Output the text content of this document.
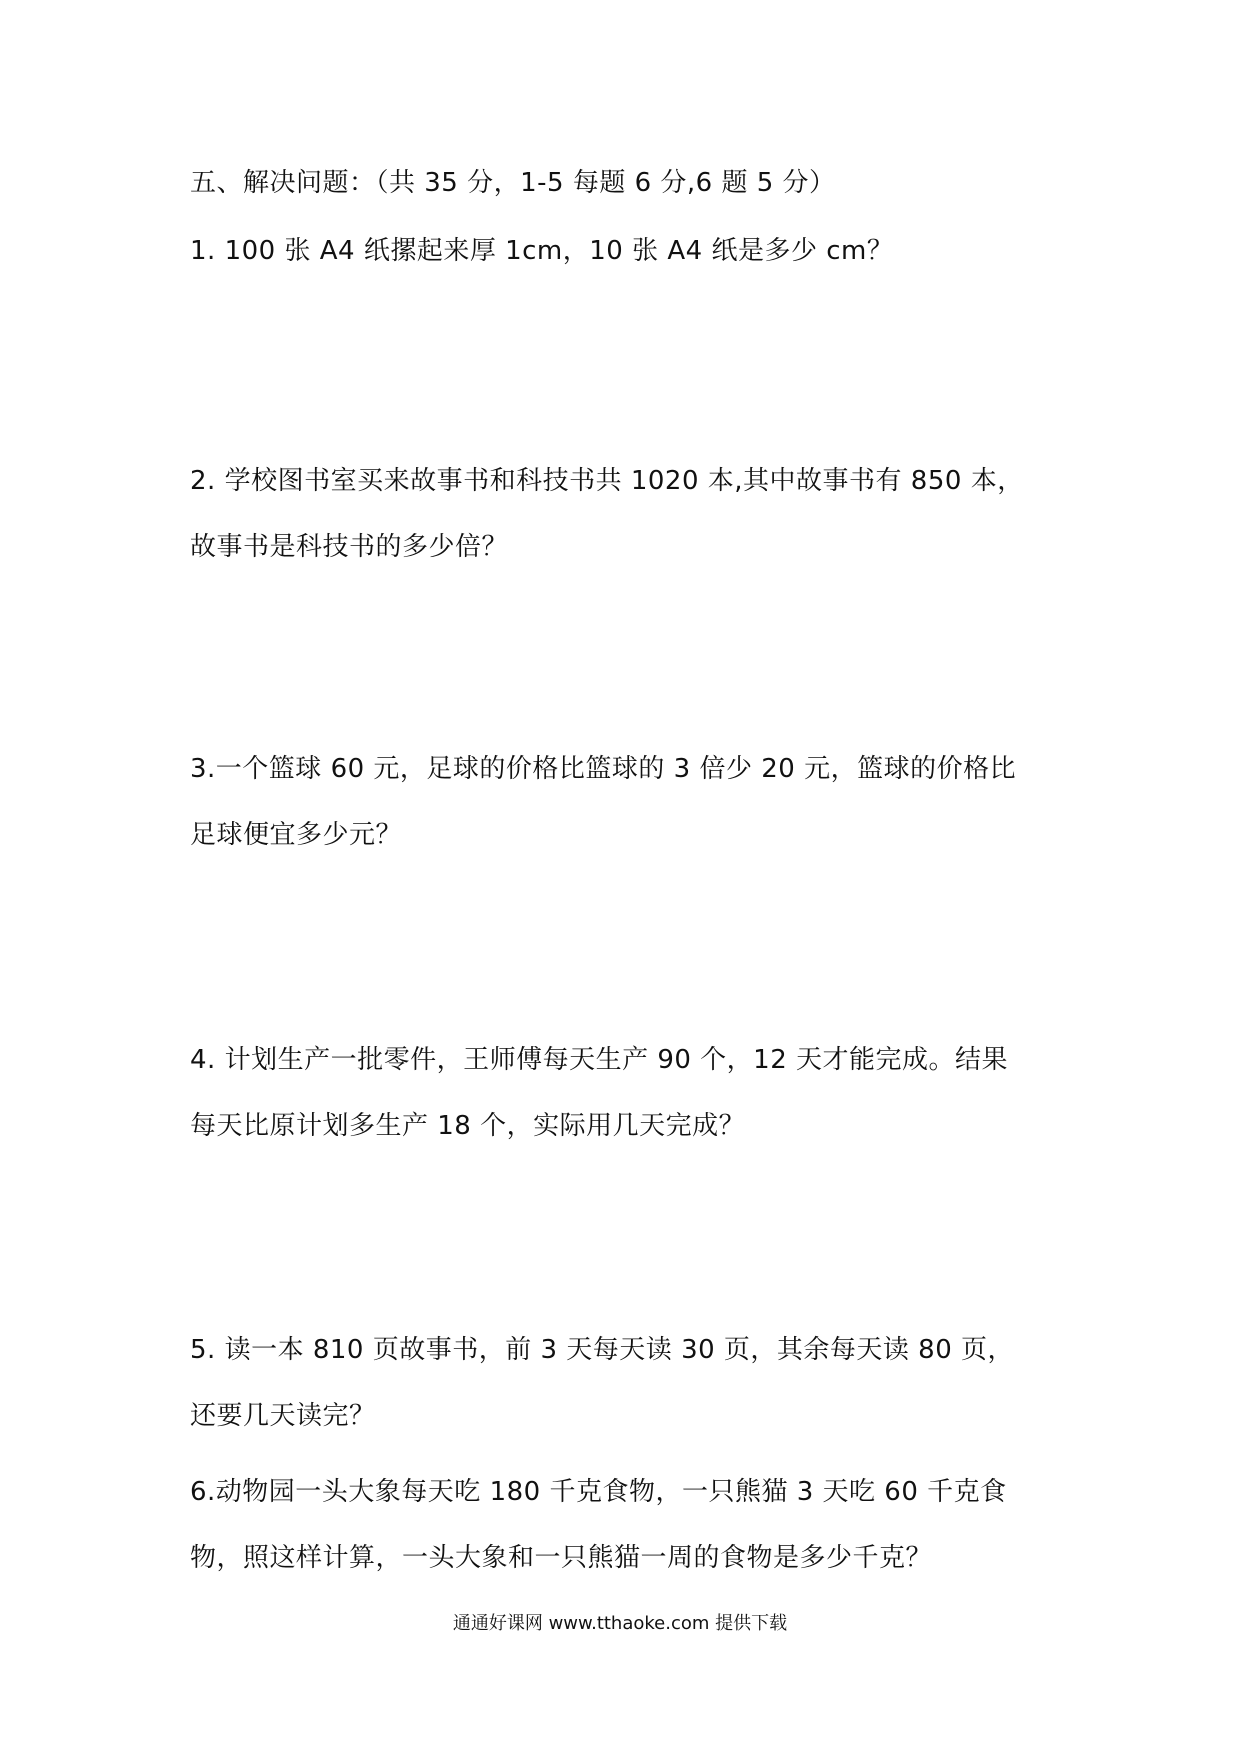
五、解决问题：（共 35 分，1-5 每题 6 分,6 题 5 分）
1. 100 张 A4 纸摞起来厚 1cm，10 张 A4 纸是多少 cm？
2. 学校图书室买来故事书和科技书共 1020 本,其中故事书有 850 本，
故事书是科技书的多少倍？
3.一个篮球 60 元，足球的价格比篮球的 3 倍少 20 元，篮球的价格比
足球便宜多少元？
4. 计划生产一批零件，王师傅每天生产 90 个，12 天才能完成。结果
每天比原计划多生产 18 个，实际用几天完成？
5. 读一本 810 页故事书，前 3 天每天读 30 页，其余每天读 80 页，
还要几天读完？
6.动物园一头大象每天吃 180 千克食物，一只熊猫 3 天吃 60 千克食
物，照这样计算，一头大象和一只熊猫一周的食物是多少千克？
通通好课网 www.tthaoke.com 提供下载
